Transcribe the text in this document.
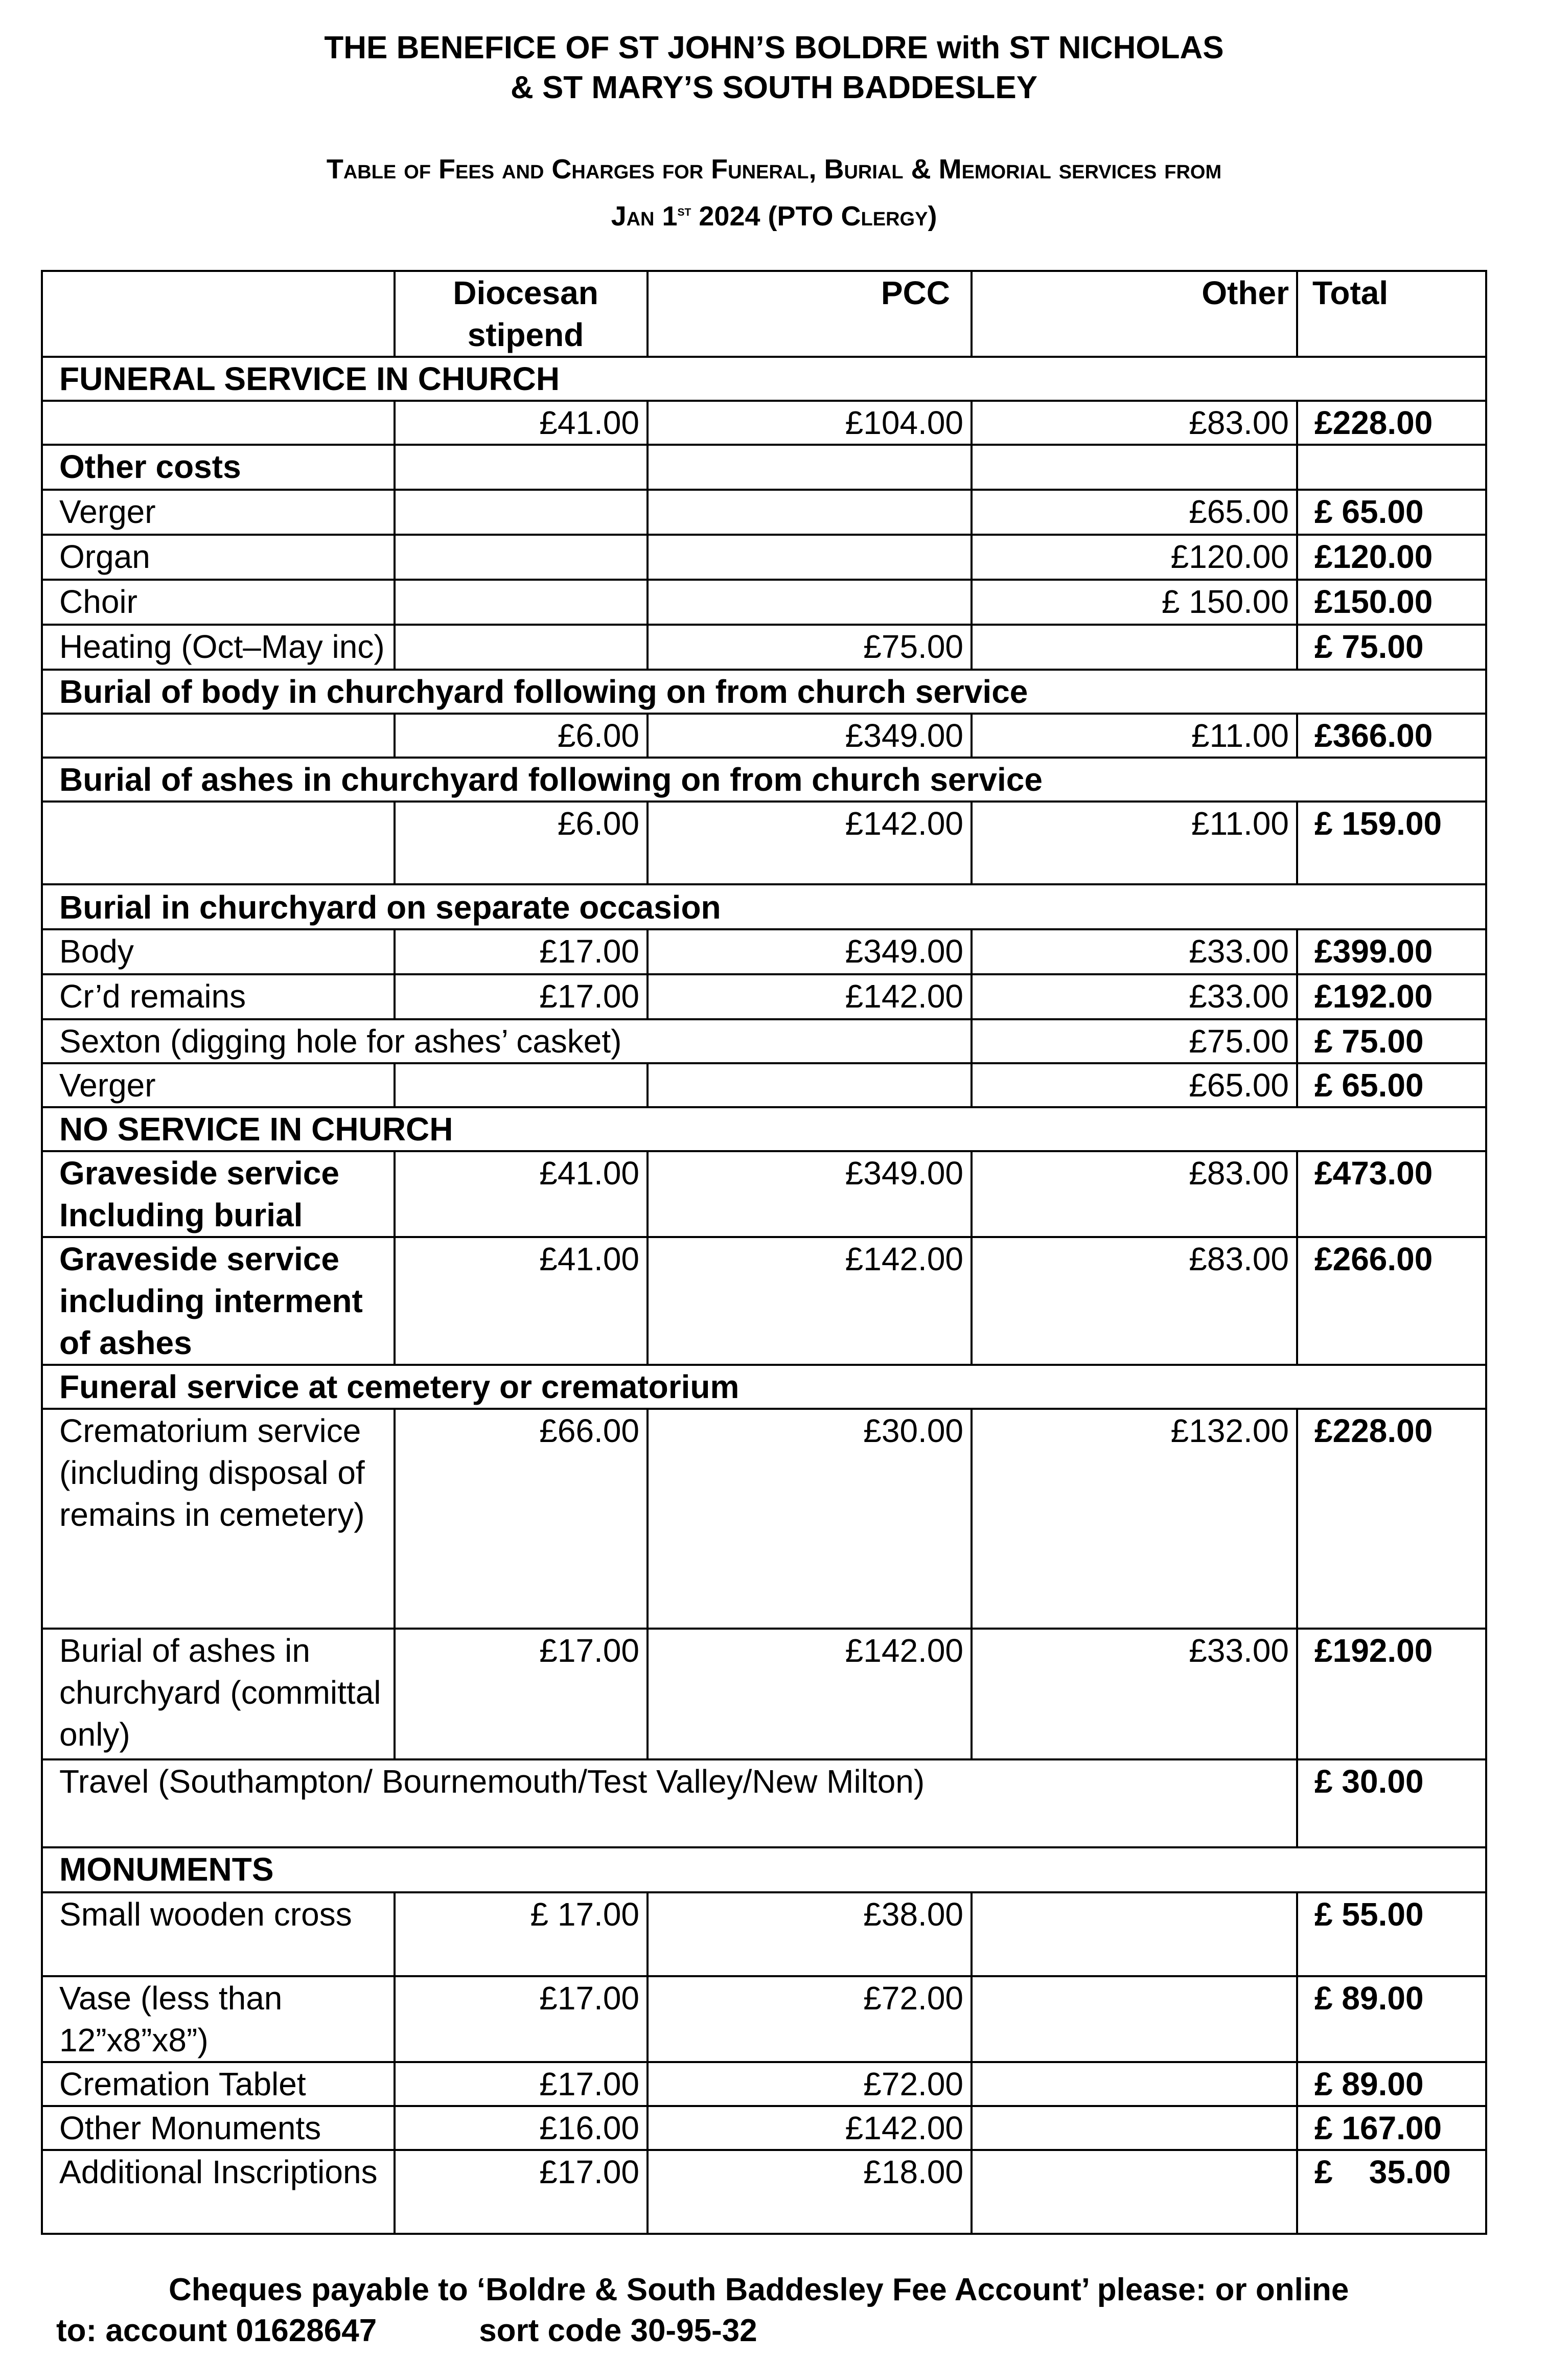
THE BENEFICE OF ST JOHN’S BOLDRE with ST NICHOLAS
& ST MARY’S SOUTH BADDESLEY
Table of Fees and Charges for Funeral, Burial & Memorial services from
Jan 1st 2024 (PTO Clergy)
	Diocesan stipend	PCC	Other	Total
FUNERAL SERVICE IN CHURCH				
	£41.00	£104.00	£83.00	£228.00
Other costs				
Verger			£65.00	£ 65.00
Organ			£120.00	£120.00
Choir			£ 150.00	£150.00
Heating (Oct–May inc)		£75.00		£ 75.00
Burial of body in churchyard following on from church service				
	£6.00	£349.00	£11.00	£366.00
Burial of ashes in churchyard following on from church service				
	£6.00	£142.00	£11.00	£ 159.00
Burial in churchyard on separate occasion				
Body	£17.00	£349.00	£33.00	£399.00
Cr’d remains	£17.00	£142.00	£33.00	£192.00
Sexton (digging hole for ashes’ casket)			£75.00	£ 75.00
Verger			£65.00	£ 65.00
NO SERVICE IN CHURCH				
Graveside service Including burial	£41.00	£349.00	£83.00	£473.00
Graveside service including interment of ashes	£41.00	£142.00	£83.00	£266.00
Funeral service at cemetery or crematorium				
Crematorium service (including disposal of remains in cemetery)	£66.00	£30.00	£132.00	£228.00
Burial of ashes in churchyard (committal only)	£17.00	£142.00	£33.00	£192.00
Travel (Southampton/ Bournemouth/Test Valley/New Milton)				£ 30.00
MONUMENTS				
Small wooden cross	£ 17.00	£38.00		£ 55.00
Vase (less than 12”x8”x8”)	£17.00	£72.00		£ 89.00
Cremation Tablet	£17.00	£72.00		£ 89.00
Other Monuments	£16.00	£142.00		£ 167.00
Additional Inscriptions	£17.00	£18.00		£    35.00
Cheques payable to ‘Boldre & South Baddesley Fee Account’ please: or online
to: account 01628647	sort code 30-95-32
